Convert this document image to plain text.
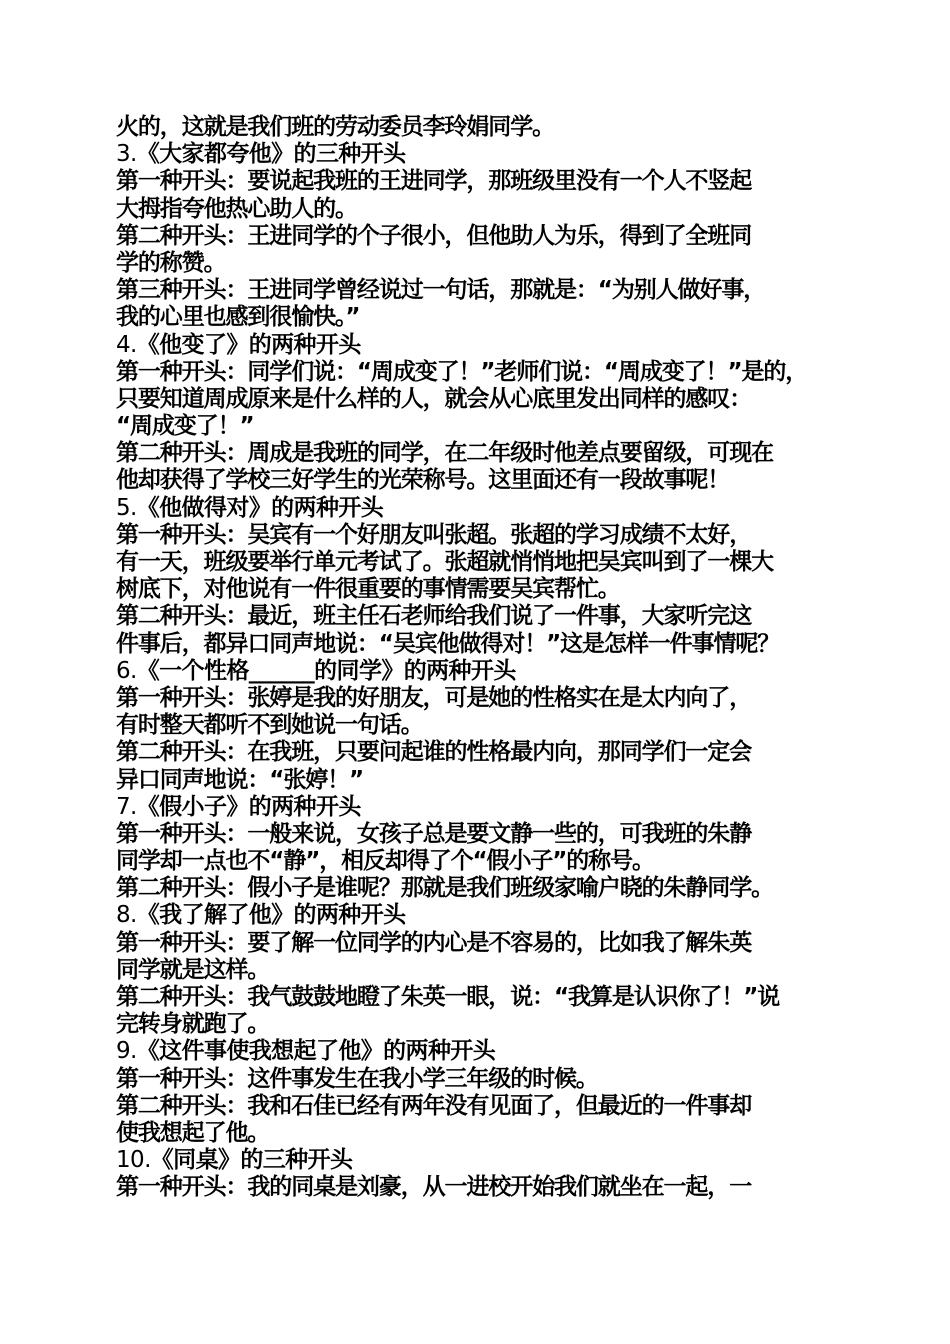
火的，这就是我们班的劳动委员李玲娟同学。
3.《大家都夸他》的三种开头
第一种开头：要说起我班的王进同学，那班级里没有一个人不竖起
大拇指夸他热心助人的。
第二种开头：王进同学的个子很小，但他助人为乐，得到了全班同
学的称赞。
第三种开头：王进同学曾经说过一句话，那就是：“为别人做好事，
我的心里也感到很愉快。”
4.《他变了》的两种开头
第一种开头：同学们说：“周成变了！”老师们说：“周成变了！”是的，
只要知道周成原来是什么样的人，就会从心底里发出同样的感叹：
“周成变了！”
第二种开头：周成是我班的同学，在二年级时他差点要留级，可现在
他却获得了学校三好学生的光荣称号。这里面还有一段故事呢！
5.《他做得对》的两种开头
第一种开头：吴宾有一个好朋友叫张超。张超的学习成绩不太好，
有一天，班级要举行单元考试了。张超就悄悄地把吴宾叫到了一棵大
树底下，对他说有一件很重要的事情需要吴宾帮忙。
第二种开头：最近，班主任石老师给我们说了一件事，大家听完这
件事后，都异口同声地说：“吴宾他做得对！”这是怎样一件事情呢？
6.《一个性格______的同学》的两种开头
第一种开头：张婷是我的好朋友，可是她的性格实在是太内向了，
有时整天都听不到她说一句话。
第二种开头：在我班，只要问起谁的性格最内向，那同学们一定会
异口同声地说：“张婷！”
7.《假小子》的两种开头
第一种开头：一般来说，女孩子总是要文静一些的，可我班的朱静
同学却一点也不“静”，相反却得了个“假小子”的称号。
第二种开头：假小子是谁呢？那就是我们班级家喻户晓的朱静同学。
8.《我了解了他》的两种开头
第一种开头：要了解一位同学的内心是不容易的，比如我了解朱英
同学就是这样。
第二种开头：我气鼓鼓地瞪了朱英一眼，说：“我算是认识你了！”说
完转身就跑了。
9.《这件事使我想起了他》的两种开头
第一种开头：这件事发生在我小学三年级的时候。
第二种开头：我和石佳已经有两年没有见面了，但最近的一件事却
使我想起了他。
10.《同桌》的三种开头
第一种开头：我的同桌是刘豪，从一进校开始我们就坐在一起，一
